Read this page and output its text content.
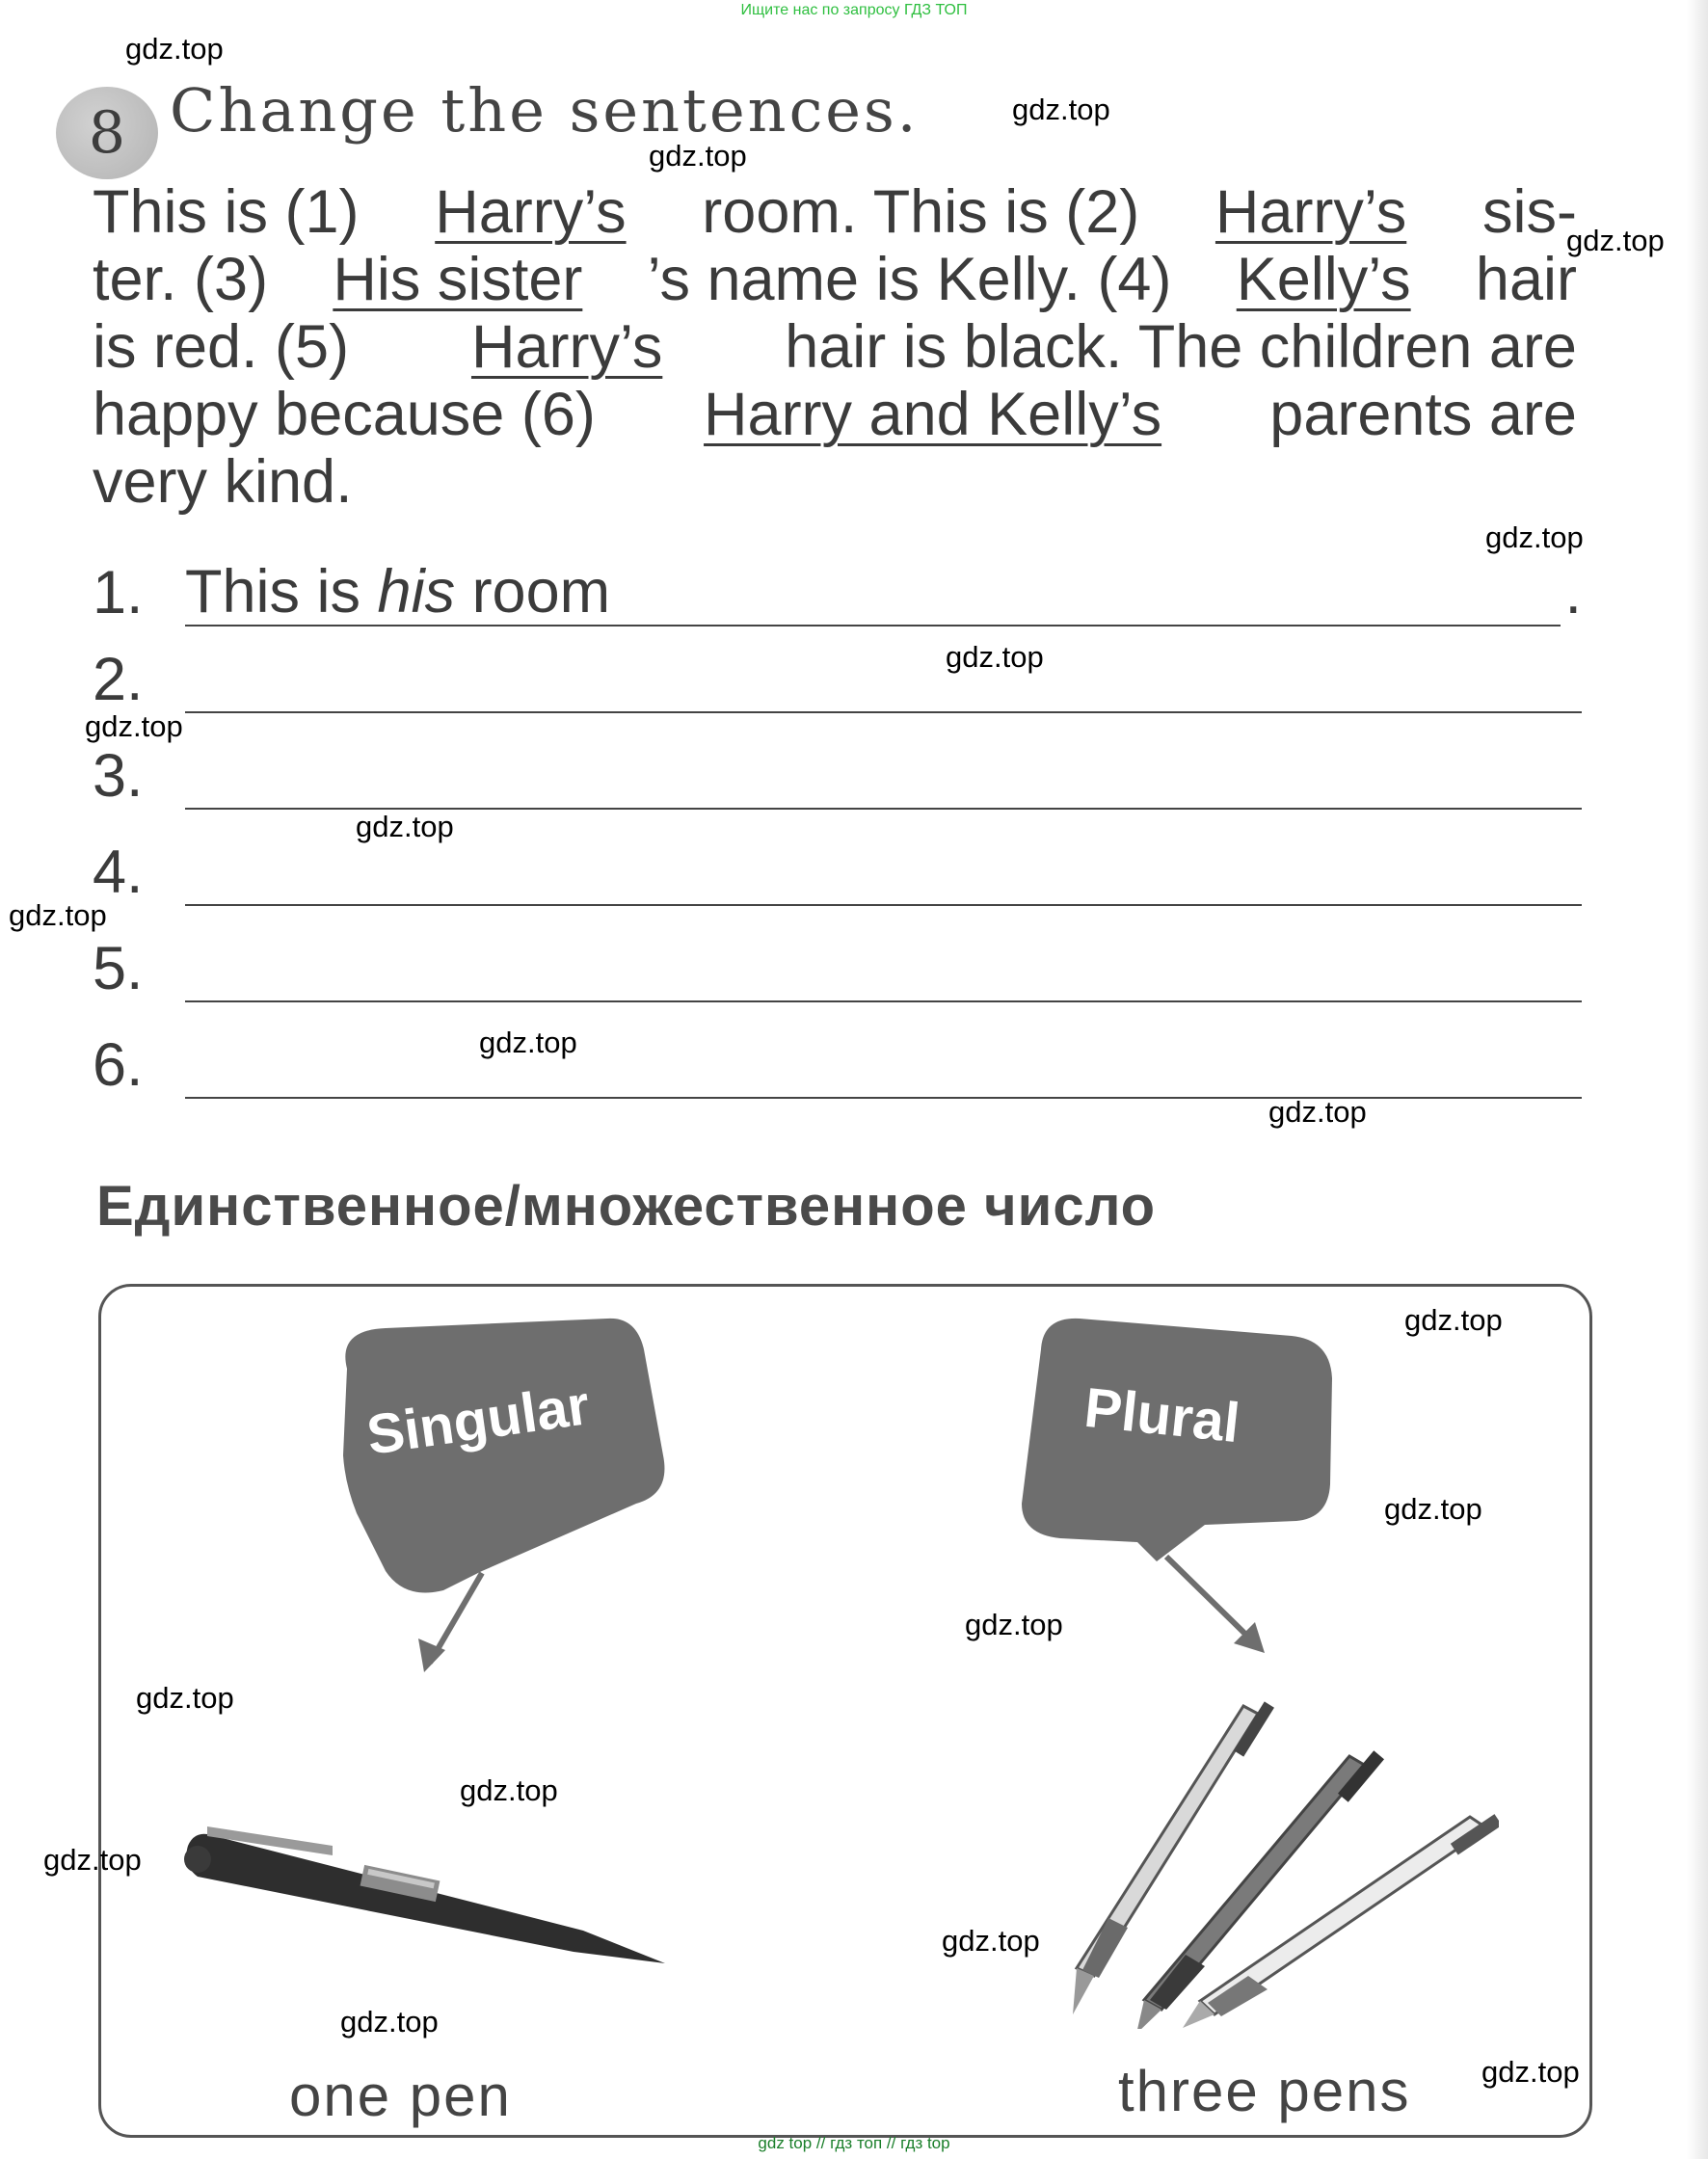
Ищите нас по запросу ГДЗ ТОП
8 Change the sentences.
This is (1) Harry’s room. This is (2) Harry’s sis-
ter. (3) His sister ’s name is Kelly. (4) Kelly’s hair
is red. (5) Harry’s hair is black. The children are
happy because (6) Harry and Kelly’s parents are
very kind.
1. This is his room	.
2.
3.
4.
5.
6.
Единственное/множественное число
Singular	Plural
one pen	three pens
gdz.top
gdz.top
gdz.top
gdz.top
gdz.top
gdz.top
gdz.top
gdz.top
gdz.top
gdz.top
gdz.top
gdz.top
gdz.top
gdz.top
gdz.top
gdz.top
gdz.top
gdz.top
gdz.top
gdz.top
gdz top // гдз топ // гдз top
